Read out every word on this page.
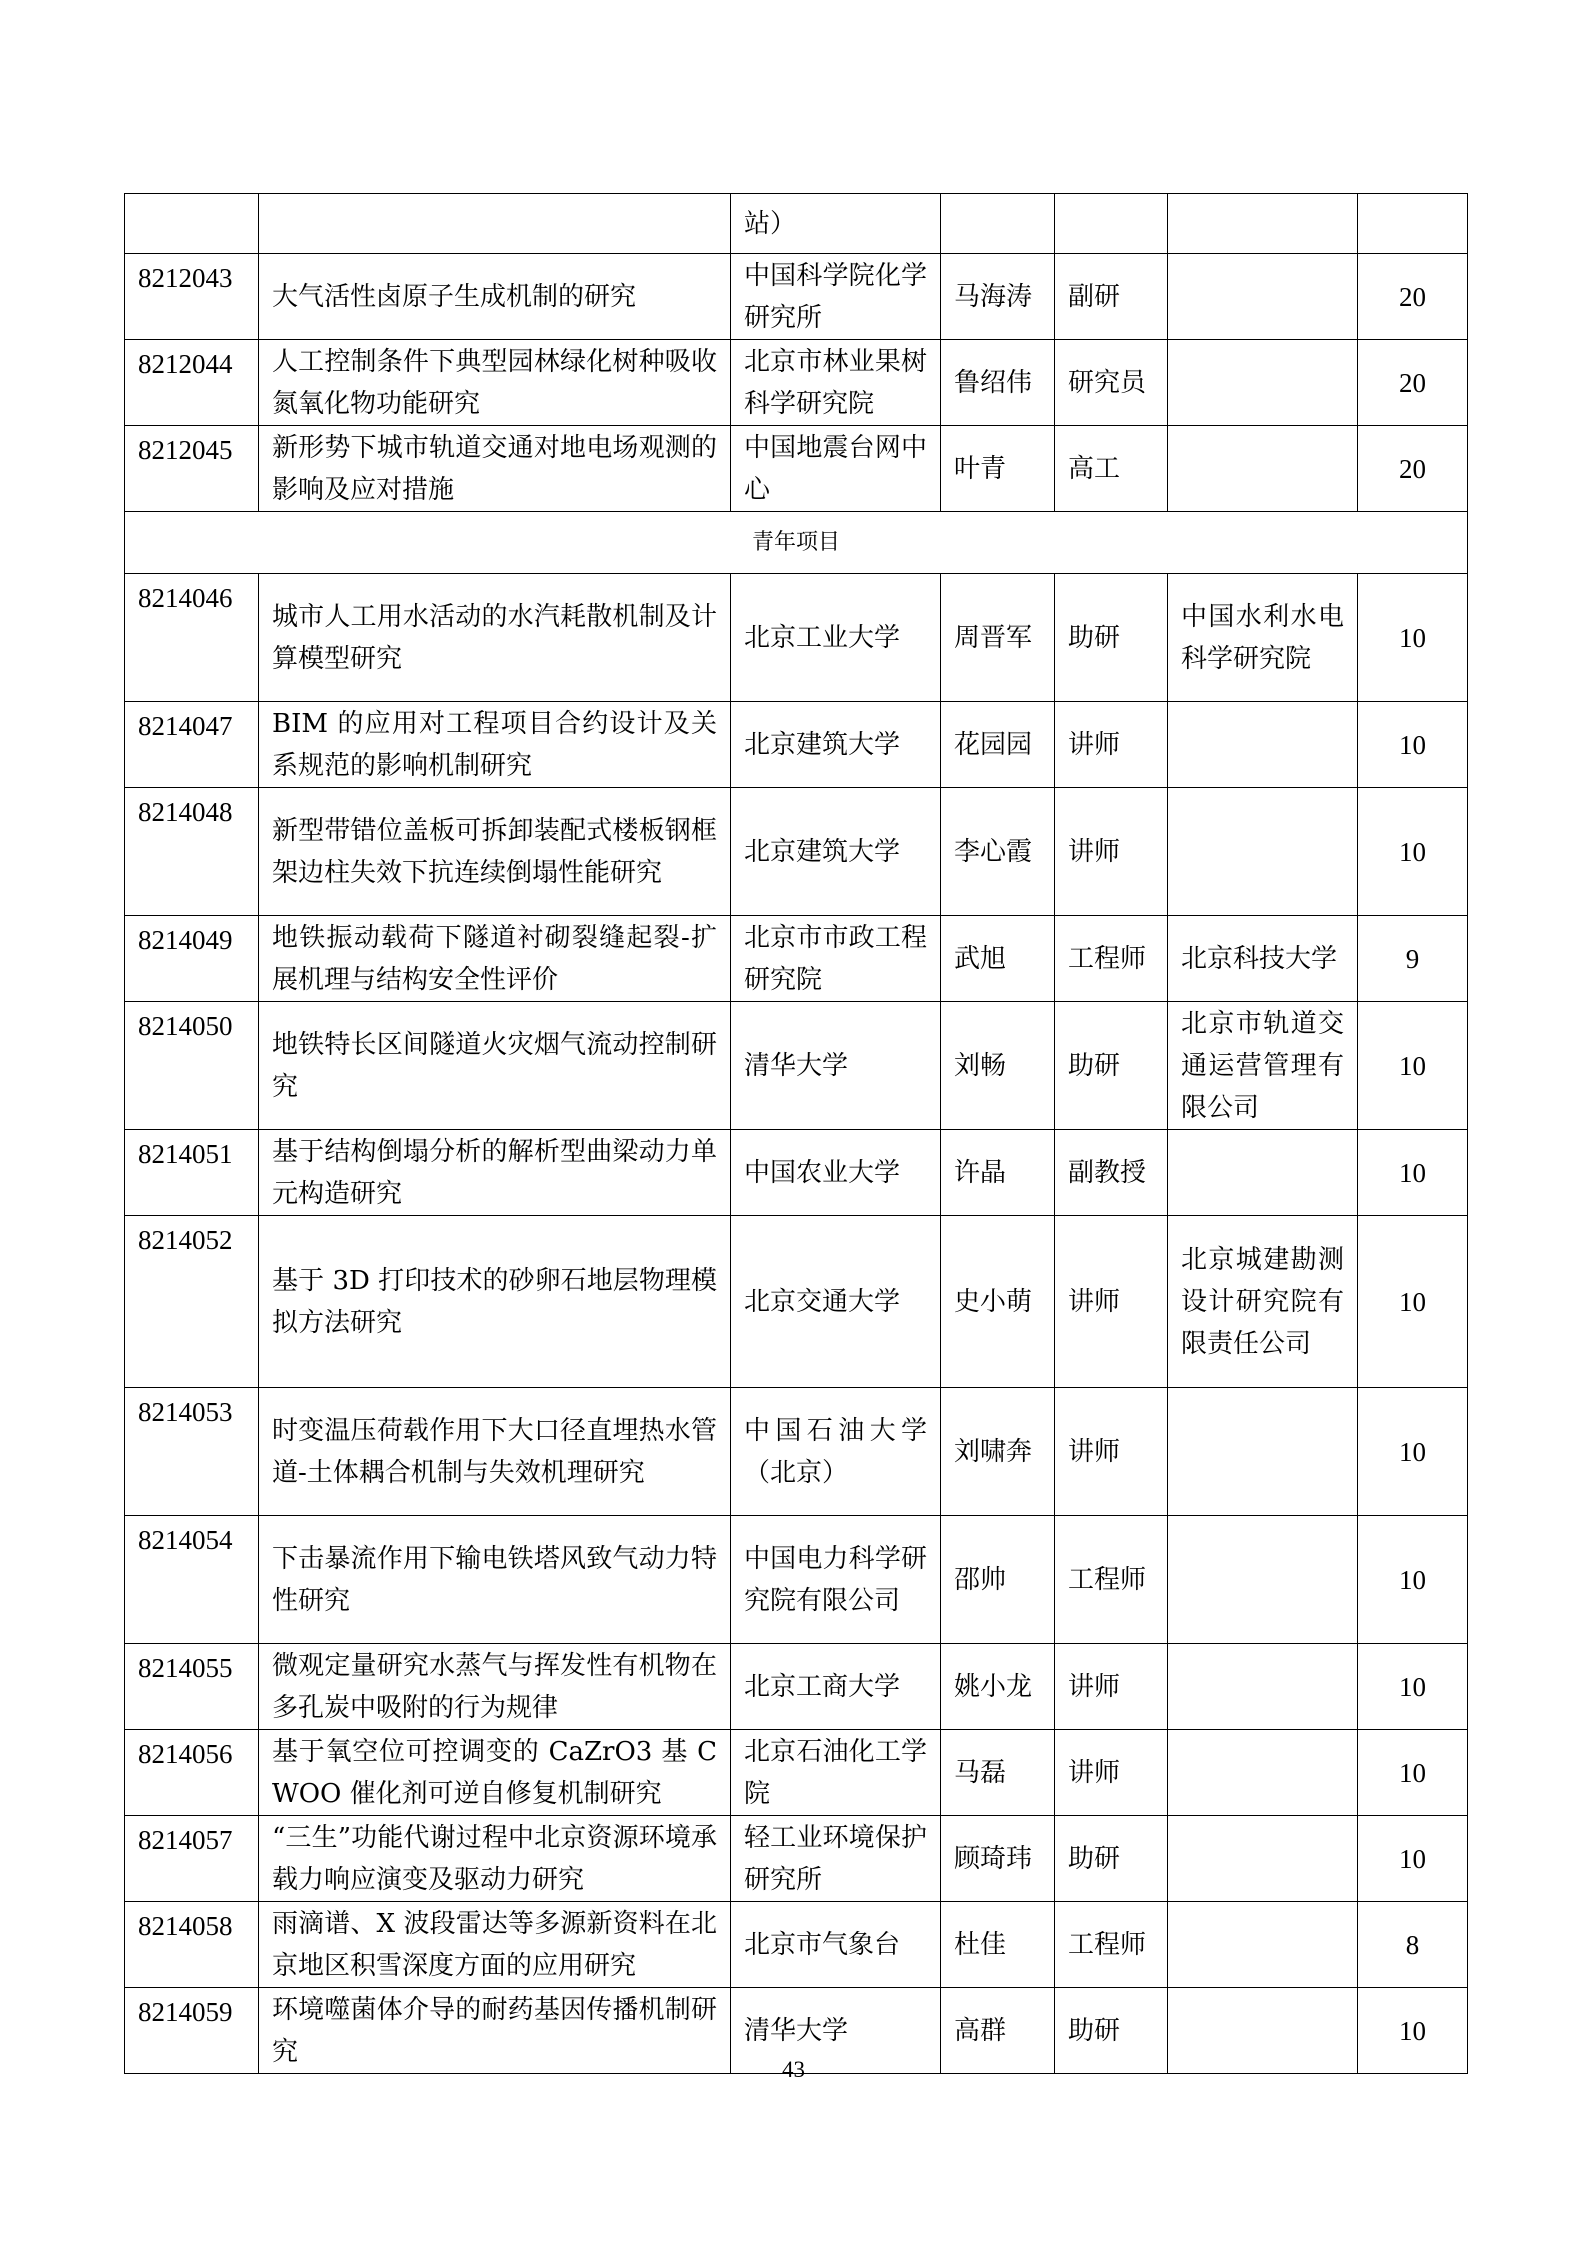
		站）				
8212043	大气活性卤原子生成机制的研究	中国科学院化学研究所	马海涛	副研		20
8212044	人工控制条件下典型园林绿化树种吸收氮氧化物功能研究	北京市林业果树科学研究院	鲁绍伟	研究员		20
8212045	新形势下城市轨道交通对地电场观测的影响及应对措施	中国地震台网中心	叶青	高工		20
青年项目						
8214046	城市人工用水活动的水汽耗散机制及计算模型研究	北京工业大学	周晋军	助研	中国水利水电科学研究院	10
8214047	BIM 的应用对工程项目合约设计及关系规范的影响机制研究	北京建筑大学	花园园	讲师		10
8214048	新型带错位盖板可拆卸装配式楼板钢框架边柱失效下抗连续倒塌性能研究	北京建筑大学	李心霞	讲师		10
8214049	地铁振动载荷下隧道衬砌裂缝起裂-扩展机理与结构安全性评价	北京市市政工程研究院	武旭	工程师	北京科技大学	9
8214050	地铁特长区间隧道火灾烟气流动控制研究	清华大学	刘畅	助研	北京市轨道交通运营管理有限公司	10
8214051	基于结构倒塌分析的解析型曲梁动力单元构造研究	中国农业大学	许晶	副教授		10
8214052	基于 3D 打印技术的砂卵石地层物理模拟方法研究	北京交通大学	史小萌	讲师	北京城建勘测设计研究院有限责任公司	10
8214053	时变温压荷载作用下大口径直埋热水管道-土体耦合机制与失效机理研究	中国石油大学（北京）	刘啸奔	讲师		10
8214054	下击暴流作用下输电铁塔风致气动力特性研究	中国电力科学研究院有限公司	邵帅	工程师		10
8214055	微观定量研究水蒸气与挥发性有机物在多孔炭中吸附的行为规律	北京工商大学	姚小龙	讲师		10
8214056	基于氧空位可控调变的 CaZrO3 基 CWOO 催化剂可逆自修复机制研究	北京石油化工学院	马磊	讲师		10
8214057	“三生”功能代谢过程中北京资源环境承载力响应演变及驱动力研究	轻工业环境保护研究所	顾琦玮	助研		10
8214058	雨滴谱、X 波段雷达等多源新资料在北京地区积雪深度方面的应用研究	北京市气象台	杜佳	工程师		8
8214059	环境噬菌体介导的耐药基因传播机制研究	清华大学	高群	助研		10
43
